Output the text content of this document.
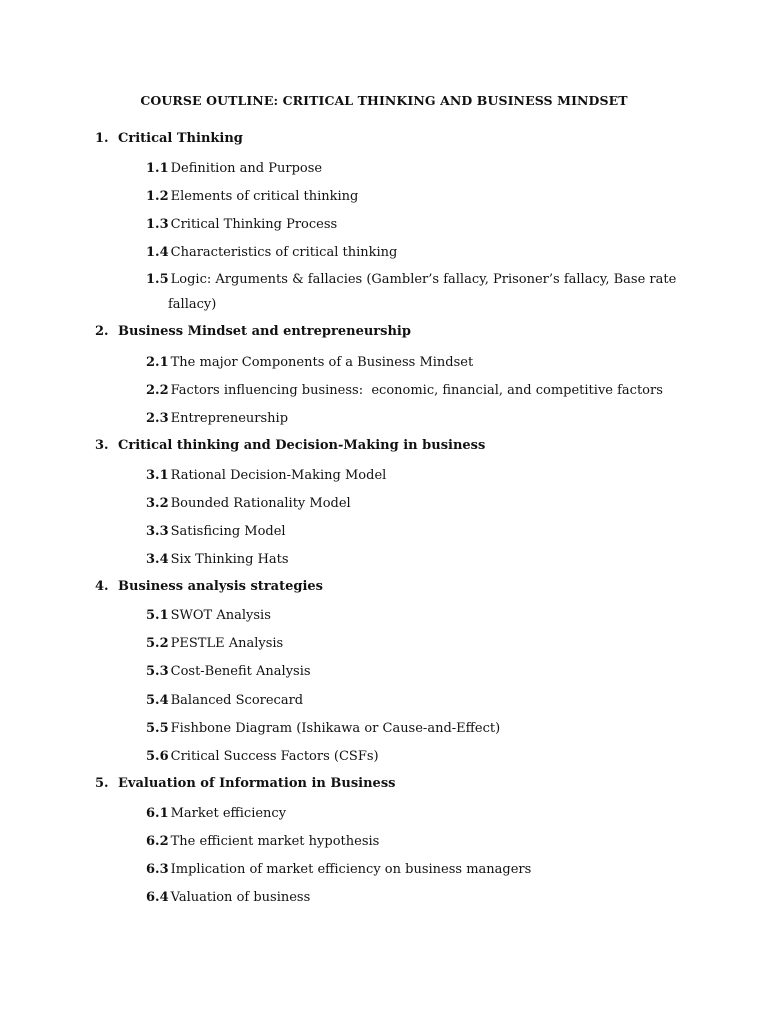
COURSE OUTLINE: CRITICAL THINKING AND BUSINESS MINDSET
1. Critical Thinking
1.1 Definition and Purpose
1.2 Elements of critical thinking
1.3 Critical Thinking Process
1.4 Characteristics of critical thinking
1.5 Logic: Arguments & fallacies (Gambler’s fallacy, Prisoner’s fallacy, Base rate
fallacy)
2. Business Mindset and entrepreneurship
2.1 The major Components of a Business Mindset
2.2 Factors influencing business:  economic, financial, and competitive factors
2.3 Entrepreneurship
3. Critical thinking and Decision-Making in business
3.1 Rational Decision-Making Model
3.2 Bounded Rationality Model
3.3 Satisficing Model
3.4 Six Thinking Hats
4. Business analysis strategies
5.1 SWOT Analysis
5.2 PESTLE Analysis
5.3 Cost-Benefit Analysis
5.4 Balanced Scorecard
5.5 Fishbone Diagram (Ishikawa or Cause-and-Effect)
5.6 Critical Success Factors (CSFs)
5. Evaluation of Information in Business
6.1 Market efficiency
6.2 The efficient market hypothesis
6.3 Implication of market efficiency on business managers
6.4 Valuation of business
